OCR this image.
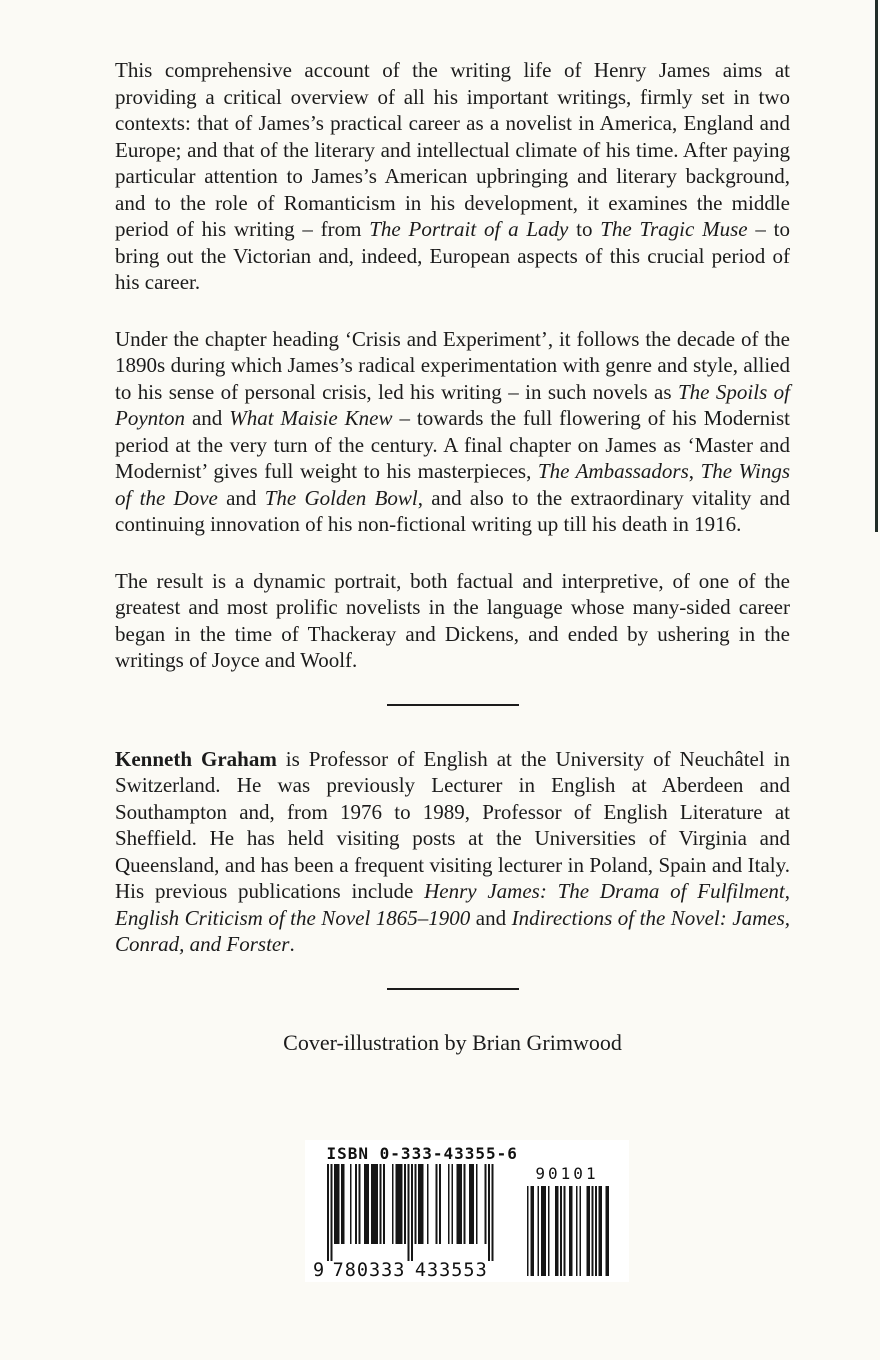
This comprehensive account of the writing life of Henry James aims at providing a critical overview of all his important writings, firmly set in two contexts: that of James’s practical career as a novelist in America, England and Europe; and that of the literary and intellectual climate of his time. After paying particular attention to James’s American upbringing and literary background, and to the role of Romanticism in his development, it examines the middle period of his writing – from The Portrait of a Lady to The Tragic Muse – to bring out the Victorian and, indeed, European aspects of this crucial period of his career.

Under the chapter heading ‘Crisis and Experiment’, it follows the decade of the 1890s during which James’s radical experimentation with genre and style, allied to his sense of personal crisis, led his writing – in such novels as The Spoils of Poynton and What Maisie Knew – towards the full flowering of his Modernist period at the very turn of the century. A final chapter on James as ‘Master and Modernist’ gives full weight to his masterpieces, The Ambassadors, The Wings of the Dove and The Golden Bowl, and also to the extraordinary vitality and continuing innovation of his non-fictional writing up till his death in 1916.

The result is a dynamic portrait, both factual and interpretive, of one of the greatest and most prolific novelists in the language whose many-sided career began in the time of Thackeray and Dickens, and ended by ushering in the writings of Joyce and Woolf.

Kenneth Graham is Professor of English at the University of Neuchâtel in Switzerland. He was previously Lecturer in English at Aberdeen and Southampton and, from 1976 to 1989, Professor of English Literature at Sheffield. He has held visiting posts at the Universities of Virginia and Queensland, and has been a frequent visiting lecturer in Poland, Spain and Italy. His previous publications include Henry James: The Drama of Fulfilment, English Criticism of the Novel 1865–1900 and Indirections of the Novel: James, Conrad, and Forster.

Cover-illustration by Brian Grimwood

ISBN 0-333-43355-6
9 780333 433553
90101
